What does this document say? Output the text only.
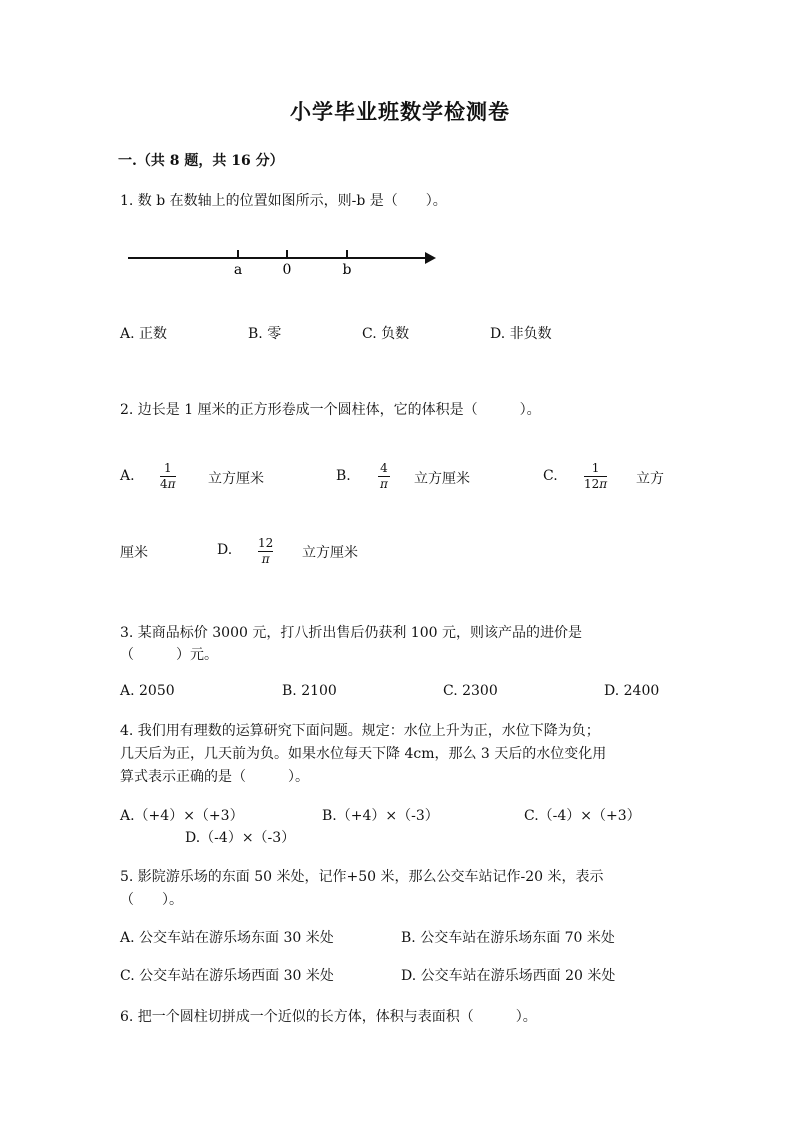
小学毕业班数学检测卷
一.（共 8 题，共 16 分）
1. 数 b 在数轴上的位置如图所示，则-b 是（　　）。
a	0	b
A. 正数	B. 零	C. 负数	D. 非负数
2. 边长是 1 厘米的正方形卷成一个圆柱体，它的体积是（　　　）。
A. $\frac{1}{4\pi}$ 立方厘米	B. $\frac{4}{\pi}$ 立方厘米	C. $\frac{1}{12\pi}$ 立方
厘米	D. $\frac{12}{\pi}$ 立方厘米
3. 某商品标价 3000 元，打八折出售后仍获利 100 元，则该产品的进价是
（　　　）元。
A. 2050	B. 2100	C. 2300	D. 2400
4. 我们用有理数的运算研究下面问题。规定：水位上升为正，水位下降为负；
几天后为正，几天前为负。如果水位每天下降 4cm，那么 3 天后的水位变化用
算式表示正确的是（　　　）。
A.（+4）×（+3）	B.（+4）×（-3）	C.（-4）×（+3）
D.（-4）×（-3）
5. 影院游乐场的东面 50 米处，记作+50 米，那么公交车站记作-20 米，表示
（　　）。
A. 公交车站在游乐场东面 30 米处	B. 公交车站在游乐场东面 70 米处
C. 公交车站在游乐场西面 30 米处	D. 公交车站在游乐场西面 20 米处
6. 把一个圆柱切拼成一个近似的长方体，体积与表面积（　　　）。
